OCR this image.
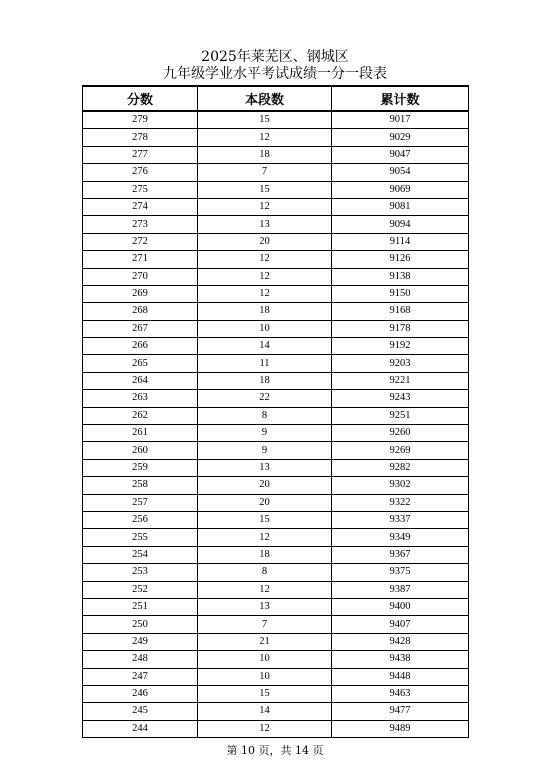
2025年莱芜区、钢城区
九年级学业水平考试成绩一分一段表
分数	本段数	累计数
279	15	9017
278	12	9029
277	18	9047
276	7	9054
275	15	9069
274	12	9081
273	13	9094
272	20	9114
271	12	9126
270	12	9138
269	12	9150
268	18	9168
267	10	9178
266	14	9192
265	11	9203
264	18	9221
263	22	9243
262	8	9251
261	9	9260
260	9	9269
259	13	9282
258	20	9302
257	20	9322
256	15	9337
255	12	9349
254	18	9367
253	8	9375
252	12	9387
251	13	9400
250	7	9407
249	21	9428
248	10	9438
247	10	9448
246	15	9463
245	14	9477
244	12	9489
第 10 页，共 14 页
